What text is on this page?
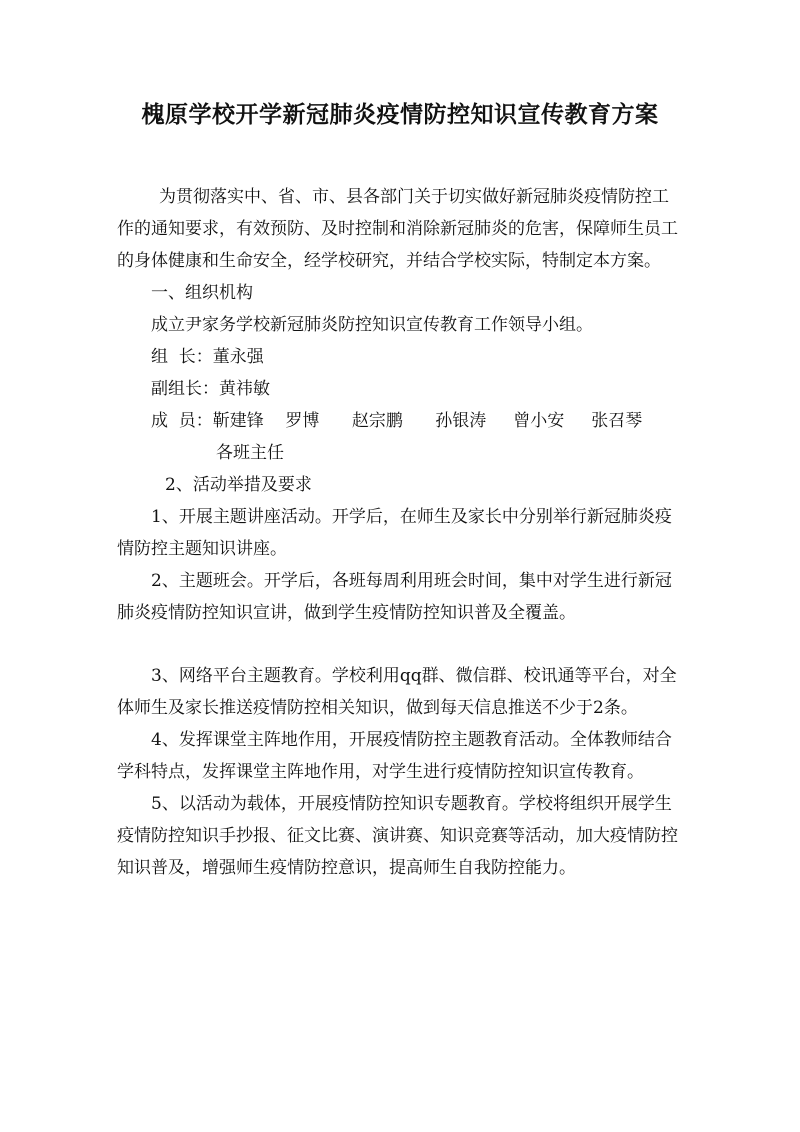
槐原学校开学新冠肺炎疫情防控知识宣传教育方案

为贯彻落实中、省、市、县各部门关于切实做好新冠肺炎疫情防控工作的通知要求，有效预防、及时控制和消除新冠肺炎的危害，保障师生员工的身体健康和生命安全，经学校研究，并结合学校实际，特制定本方案。

一、组织机构

成立尹家务学校新冠肺炎防控知识宣传教育工作领导小组。

组  长：董永强

副组长：黄祎敏

成  员：靳建锋    罗博      赵宗鹏      孙银涛     曾小安     张召琴

各班主任

2、活动举措及要求

1、开展主题讲座活动。开学后，在师生及家长中分别举行新冠肺炎疫情防控主题知识讲座。

2、主题班会。开学后，各班每周利用班会时间，集中对学生进行新冠肺炎疫情防控知识宣讲，做到学生疫情防控知识普及全覆盖。

3、网络平台主题教育。学校利用qq群、微信群、校讯通等平台，对全体师生及家长推送疫情防控相关知识，做到每天信息推送不少于2条。

4、发挥课堂主阵地作用，开展疫情防控主题教育活动。全体教师结合学科特点，发挥课堂主阵地作用，对学生进行疫情防控知识宣传教育。

5、以活动为载体，开展疫情防控知识专题教育。学校将组织开展学生疫情防控知识手抄报、征文比赛、演讲赛、知识竞赛等活动，加大疫情防控知识普及，增强师生疫情防控意识，提高师生自我防控能力。
